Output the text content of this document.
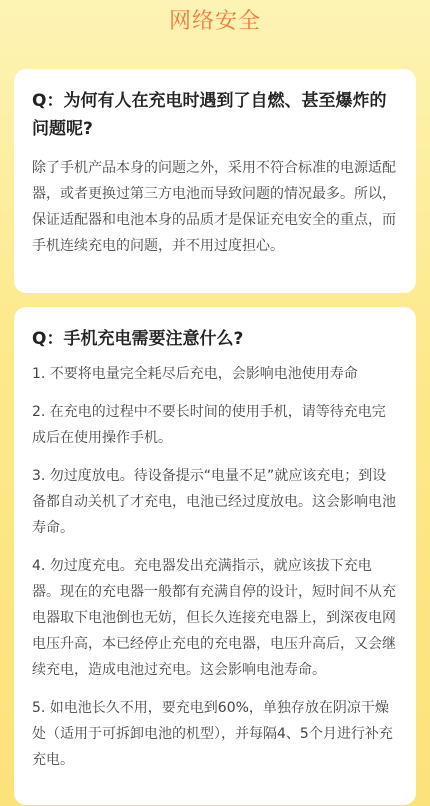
网络安全
Q：为何有人在充电时遇到了自燃、甚至爆炸的问题呢?

除了手机产品本身的问题之外，采用不符合标准的电源适配器，或者更换过第三方电池而导致问题的情况最多。所以，保证适配器和电池本身的品质才是保证充电安全的重点，而手机连续充电的问题，并不用过度担心。

Q：手机充电需要注意什么?

1. 不要将电量完全耗尽后充电，会影响电池使用寿命

2. 在充电的过程中不要长时间的使用手机，请等待充电完成后在使用操作手机。

3. 勿过度放电。待设备提示“电量不足”就应该充电；到设备都自动关机了才充电，电池已经过度放电。这会影响电池寿命。

4. 勿过度充电。充电器发出充满指示，就应该拔下充电器。现在的充电器一般都有充满自停的设计，短时间不从充电器取下电池倒也无妨，但长久连接充电器上，到深夜电网电压升高，本已经停止充电的充电器，电压升高后，又会继续充电，造成电池过充电。这会影响电池寿命。

5. 如电池长久不用，要充电到60%，单独存放在阴凉干燥处（适用于可拆卸电池的机型），并每隔4、5个月进行补充充电。
